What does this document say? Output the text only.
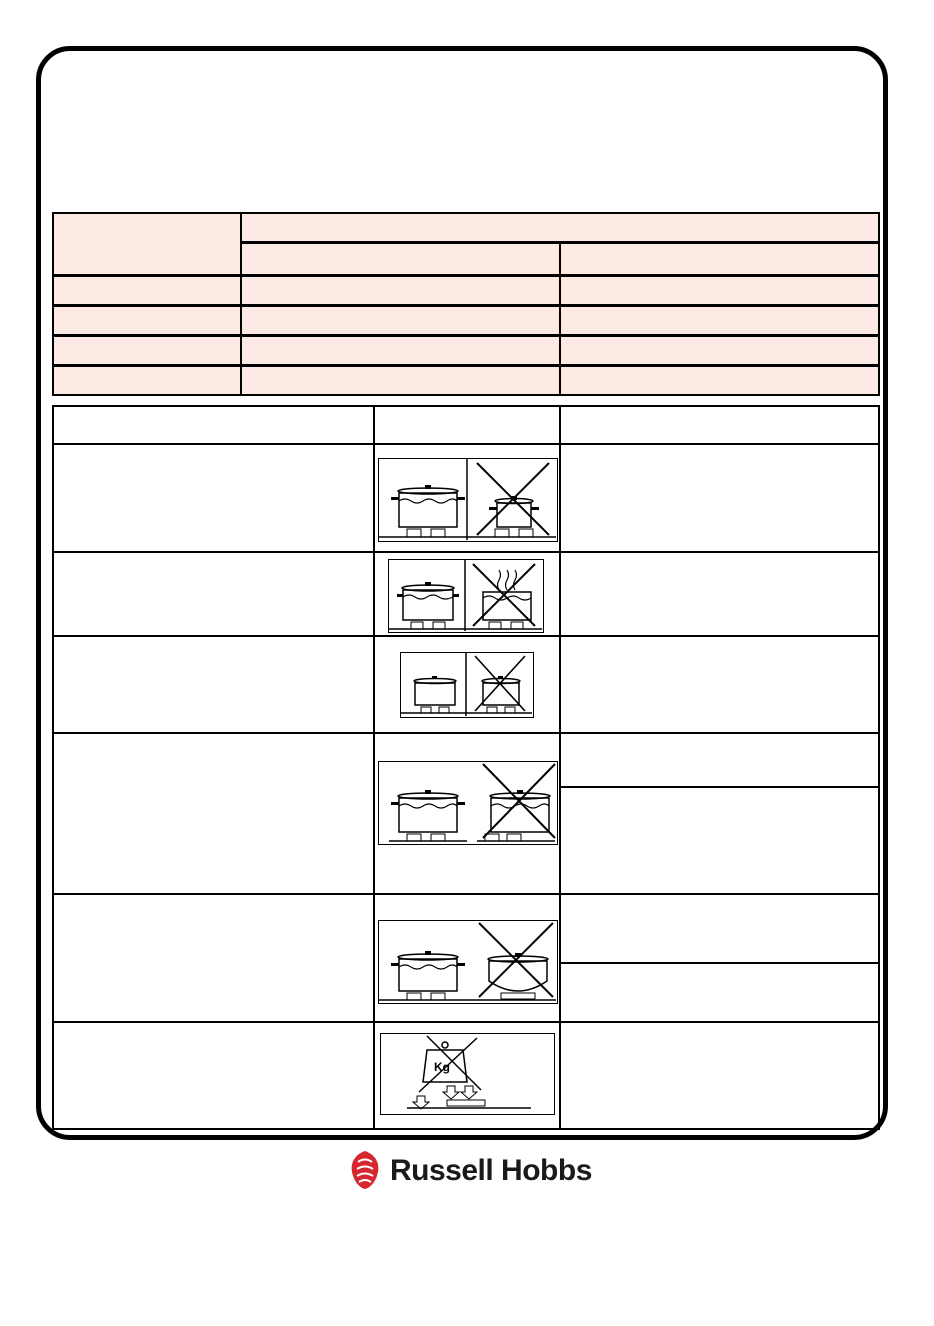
Kg
Russell Hobbs
